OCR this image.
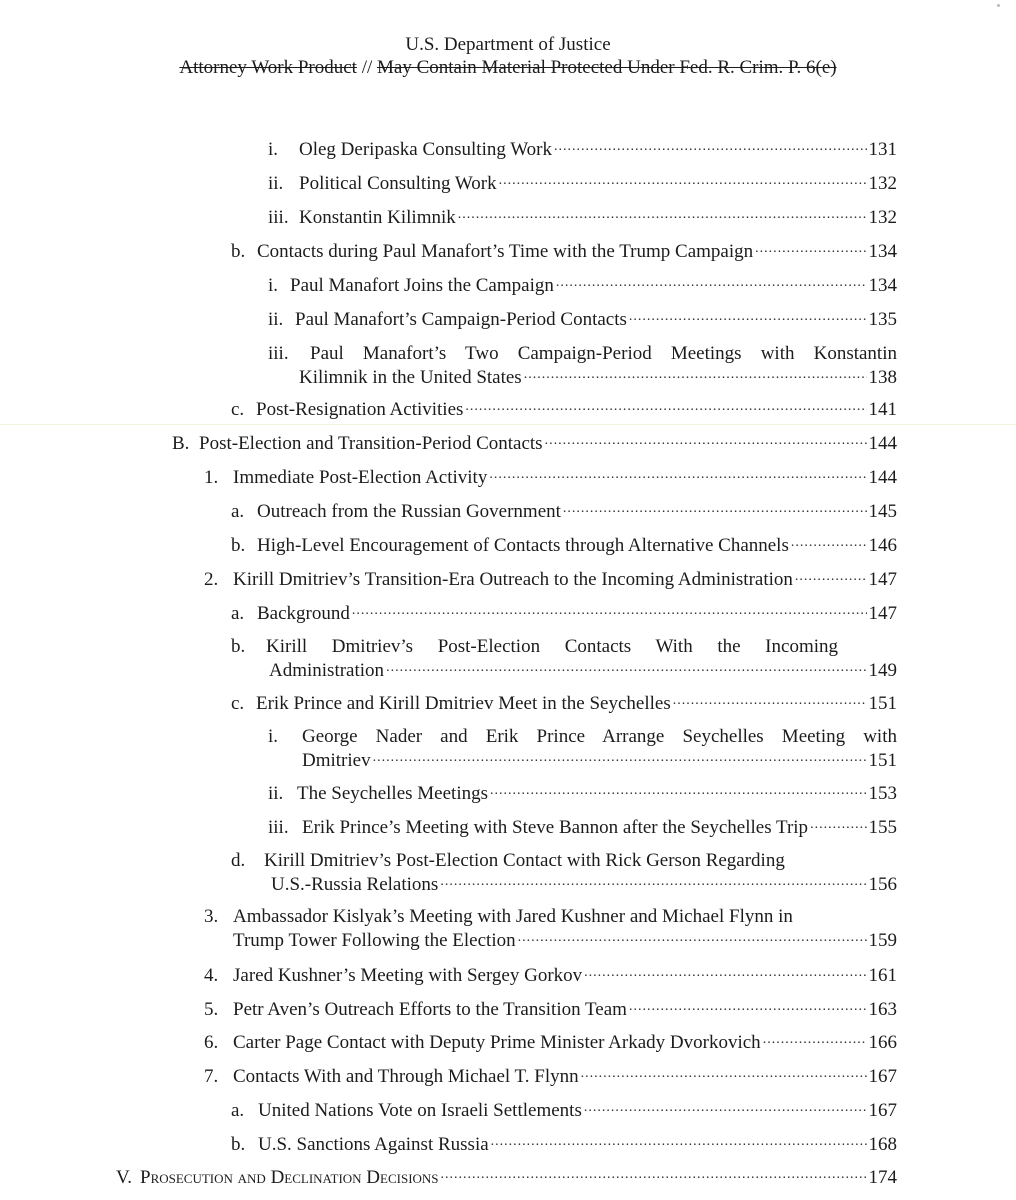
U.S. Department of Justice
Attorney Work Product // May Contain Material Protected Under Fed. R. Crim. P. 6(e)
i.	Oleg Deripaska Consulting Work .....	131
ii. Political Consulting Work .....	132
iii. Konstantin Kilimnik .....	132
b. Contacts during Paul Manafort’s Time with the Trump Campaign .....	134
i. Paul Manafort Joins the Campaign .....	134
ii. Paul Manafort’s Campaign-Period Contacts .....	135
iii.	Paul Manafort’s Two Campaign-Period Meetings with Konstantin
Kilimnik in the United States .....	138
c. Post-Resignation Activities .....	141
B. Post-Election and Transition-Period Contacts .....	144
1. Immediate Post-Election Activity .....	144
a. Outreach from the Russian Government .....	145
b. High-Level Encouragement of Contacts through Alternative Channels .....	146
2. Kirill Dmitriev’s Transition-Era Outreach to the Incoming Administration .....	147
a. Background .....	147
b.	Kirill Dmitriev’s Post-Election Contacts With the Incoming
Administration .....	149
c. Erik Prince and Kirill Dmitriev Meet in the Seychelles .....	151
i.	George Nader and Erik Prince Arrange Seychelles Meeting with
Dmitriev .....	151
ii. The Seychelles Meetings .....	153
iii. Erik Prince’s Meeting with Steve Bannon after the Seychelles Trip .....	155
d. Kirill Dmitriev’s Post-Election Contact with Rick Gerson Regarding
U.S.-Russia Relations .....	156
3. Ambassador Kislyak’s Meeting with Jared Kushner and Michael Flynn in
Trump Tower Following the Election .....	159
4. Jared Kushner’s Meeting with Sergey Gorkov .....	161
5. Petr Aven’s Outreach Efforts to the Transition Team .....	163
6. Carter Page Contact with Deputy Prime Minister Arkady Dvorkovich .....	166
7. Contacts With and Through Michael T. Flynn .....	167
a. United Nations Vote on Israeli Settlements .....	167
b. U.S. Sanctions Against Russia .....	168
V. Prosecution and Declination Decisions .....	174
